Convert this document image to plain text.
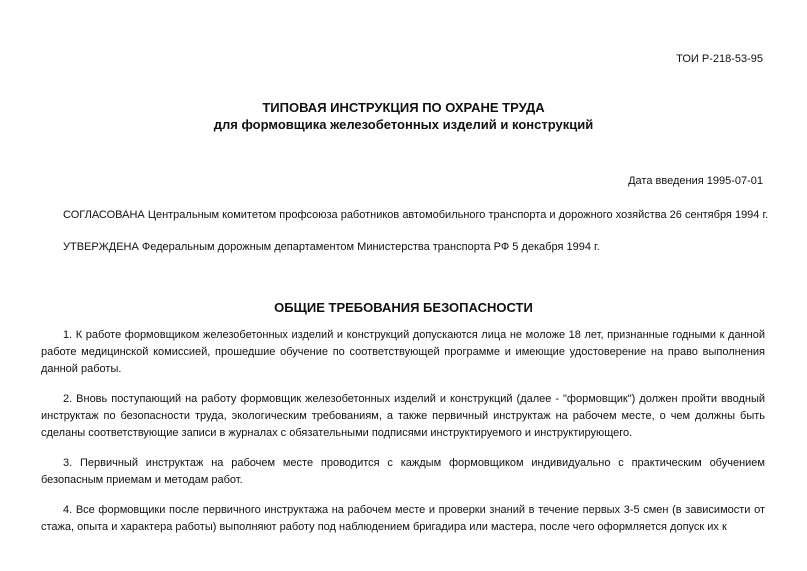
ТОИ Р-218-53-95
ТИПОВАЯ ИНСТРУКЦИЯ ПО ОХРАНЕ ТРУДА
для формовщика железобетонных изделий и конструкций
Дата введения 1995-07-01
СОГЛАСОВАНА Центральным комитетом профсоюза работников автомобильного транспорта и дорожного хозяйства 26 сентября 1994 г.
УТВЕРЖДЕНА Федеральным дорожным департаментом Министерства транспорта РФ 5 декабря 1994 г.
ОБЩИЕ ТРЕБОВАНИЯ БЕЗОПАСНОСТИ

1. К работе формовщиком железобетонных изделий и конструкций допускаются лица не моложе 18 лет, признанные годными к данной работе медицинской комиссией, прошедшие обучение по соответствующей программе и имеющие удостоверение на право выполнения данной работы.

2. Вновь поступающий на работу формовщик железобетонных изделий и конструкций (далее - "формовщик") должен пройти вводный инструктаж по безопасности труда, экологическим требованиям, а также первичный инструктаж на рабочем месте, о чем должны быть сделаны соответствующие записи в журналах с обязательными подписями инструктируемого и инструктирующего.

3. Первичный инструктаж на рабочем месте проводится с каждым формовщиком индивидуально с практическим обучением безопасным приемам и методам работ.

4. Все формовщики после первичного инструктажа на рабочем месте и проверки знаний в течение первых 3-5 смен (в зависимости от стажа, опыта и характера работы) выполняют работу под наблюдением бригадира или мастера, после чего оформляется допуск их к
